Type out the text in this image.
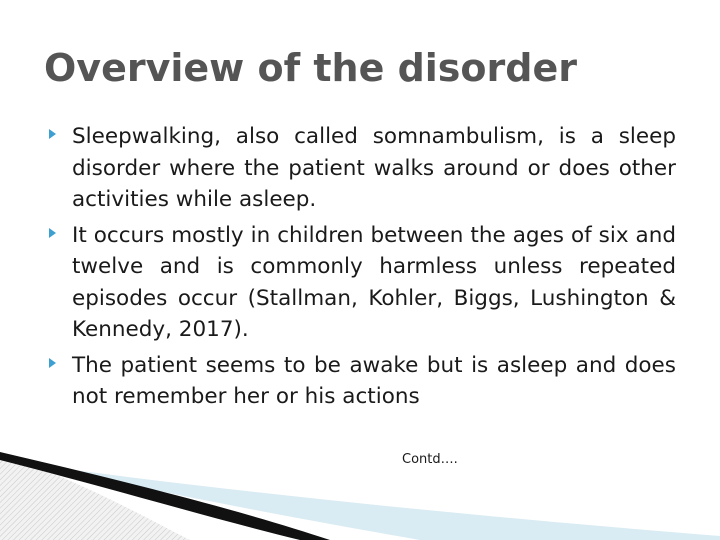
Overview of the disorder
Sleepwalking, also called somnambulism, is a sleep disorder where the patient walks around or does other activities while asleep.
It occurs mostly in children between the ages of six and twelve and is commonly harmless unless repeated episodes occur (Stallman, Kohler, Biggs, Lushington & Kennedy, 2017).
The patient seems to be awake but is asleep and does not remember her or his actions
Contd….
